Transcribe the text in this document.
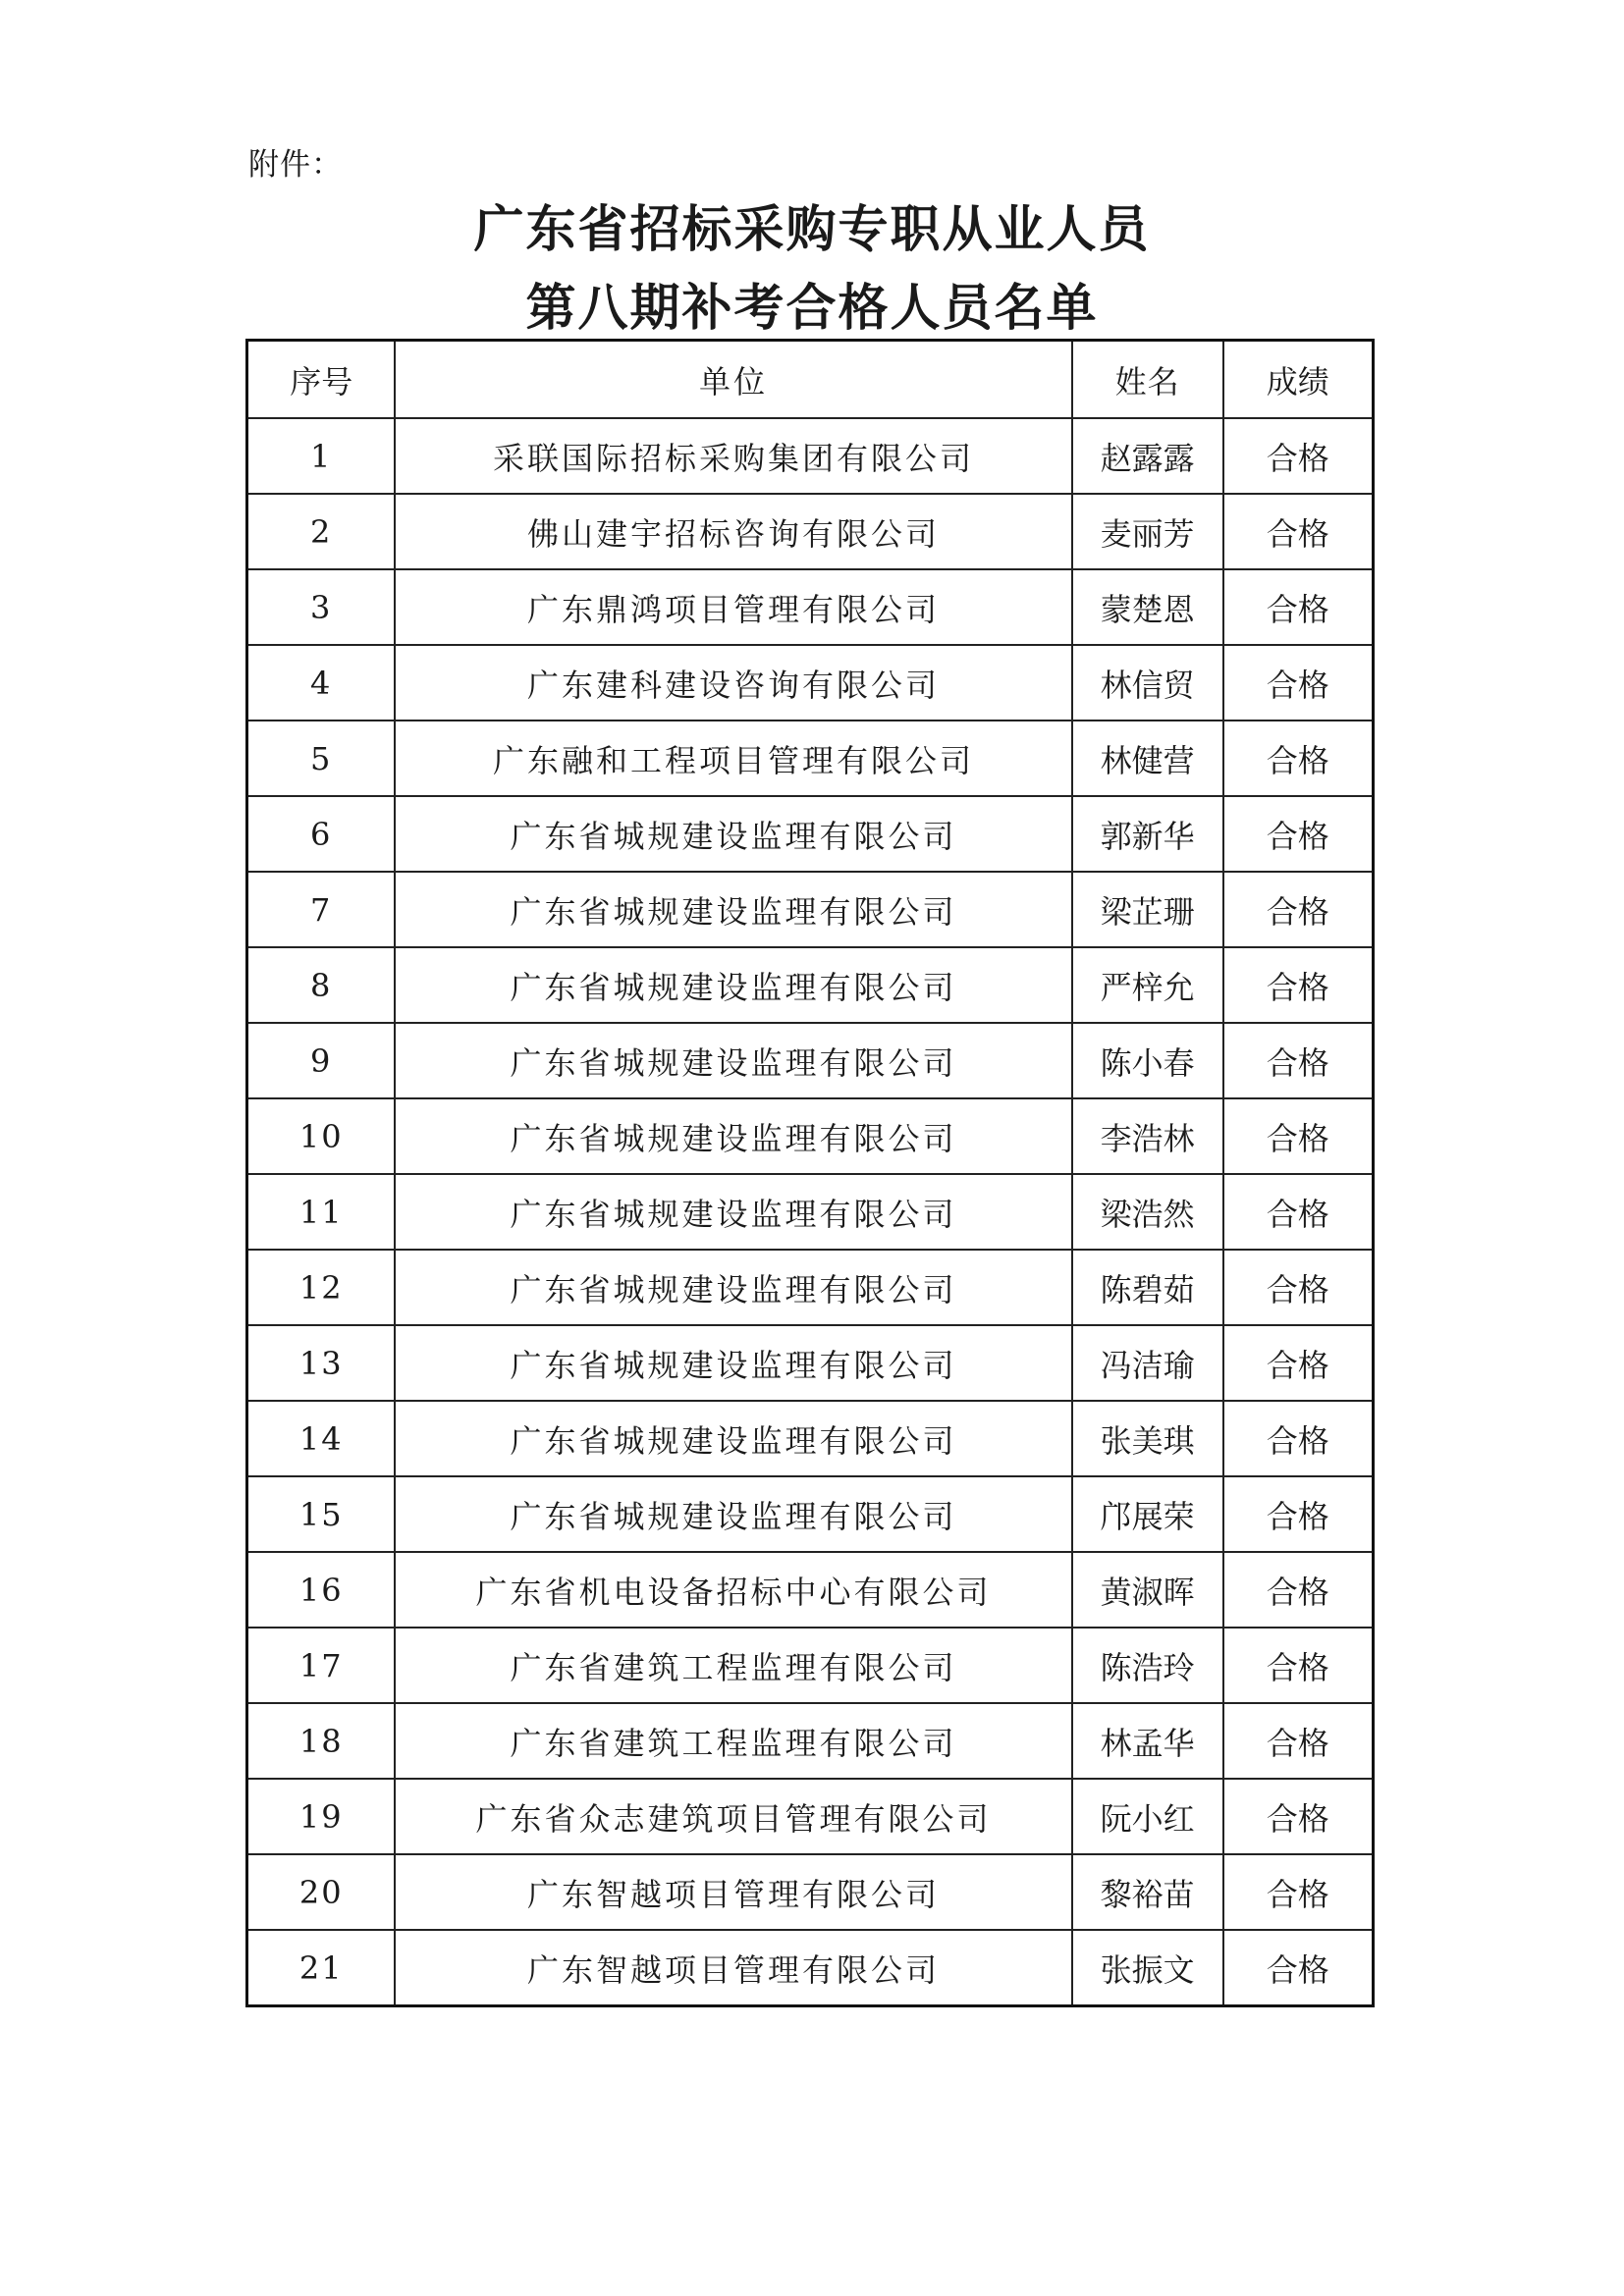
附件：
广东省招标采购专职从业人员
第八期补考合格人员名单
序号	单位	姓名	成绩
1	采联国际招标采购集团有限公司	赵露露	合格
2	佛山建宇招标咨询有限公司	麦丽芳	合格
3	广东鼎鸿项目管理有限公司	蒙楚恩	合格
4	广东建科建设咨询有限公司	林信贸	合格
5	广东融和工程项目管理有限公司	林健营	合格
6	广东省城规建设监理有限公司	郭新华	合格
7	广东省城规建设监理有限公司	梁芷珊	合格
8	广东省城规建设监理有限公司	严梓允	合格
9	广东省城规建设监理有限公司	陈小春	合格
10	广东省城规建设监理有限公司	李浩林	合格
11	广东省城规建设监理有限公司	梁浩然	合格
12	广东省城规建设监理有限公司	陈碧茹	合格
13	广东省城规建设监理有限公司	冯洁瑜	合格
14	广东省城规建设监理有限公司	张美琪	合格
15	广东省城规建设监理有限公司	邝展荣	合格
16	广东省机电设备招标中心有限公司	黄淑晖	合格
17	广东省建筑工程监理有限公司	陈浩玲	合格
18	广东省建筑工程监理有限公司	林孟华	合格
19	广东省众志建筑项目管理有限公司	阮小红	合格
20	广东智越项目管理有限公司	黎裕苗	合格
21	广东智越项目管理有限公司	张振文	合格
